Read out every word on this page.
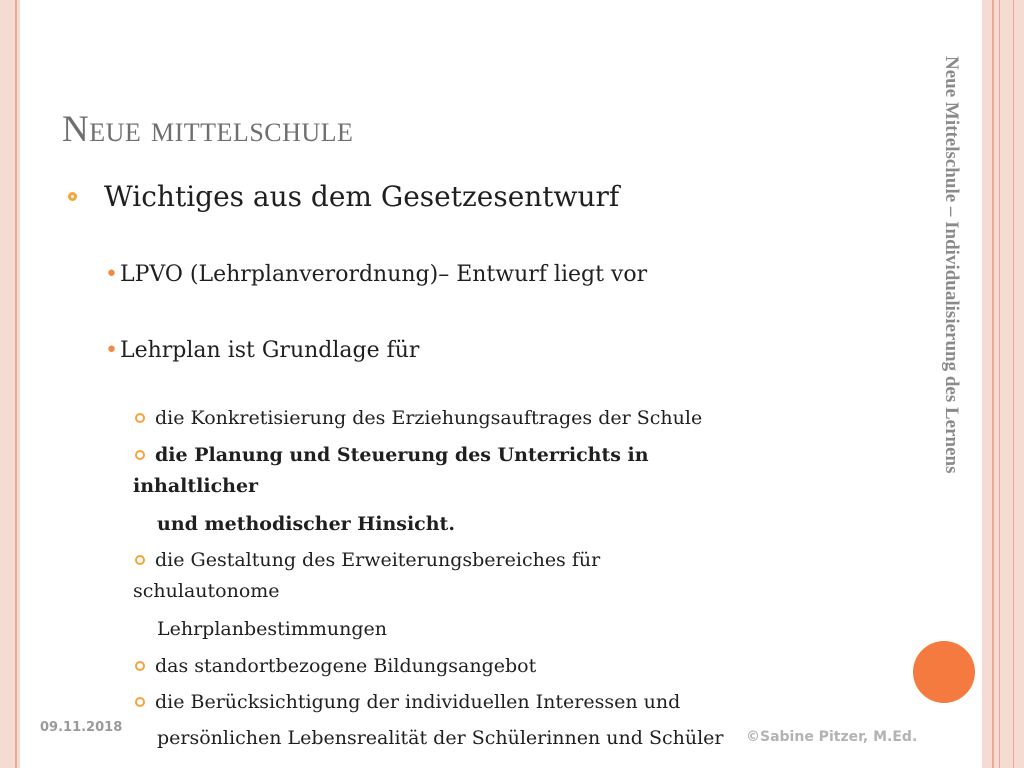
Neue mittelschule
Wichtiges aus dem Gesetzesentwurf
•LPVO (Lehrplanverordnung)– Entwurf liegt vor
•Lehrplan ist Grundlage für
die Konkretisierung des Erziehungsauftrages der Schule
die Planung und Steuerung des Unterrichts in
inhaltlicher
und methodischer Hinsicht.
die Gestaltung des Erweiterungsbereiches für
schulautonome
Lehrplanbestimmungen
das standortbezogene Bildungsangebot
die Berücksichtigung der individuellen Interessen und
persönlichen Lebensrealität der Schülerinnen und Schüler
Neue Mittelschule – Individualisierung des Lernens
09.11.2018
©Sabine Pitzer, M.Ed.
